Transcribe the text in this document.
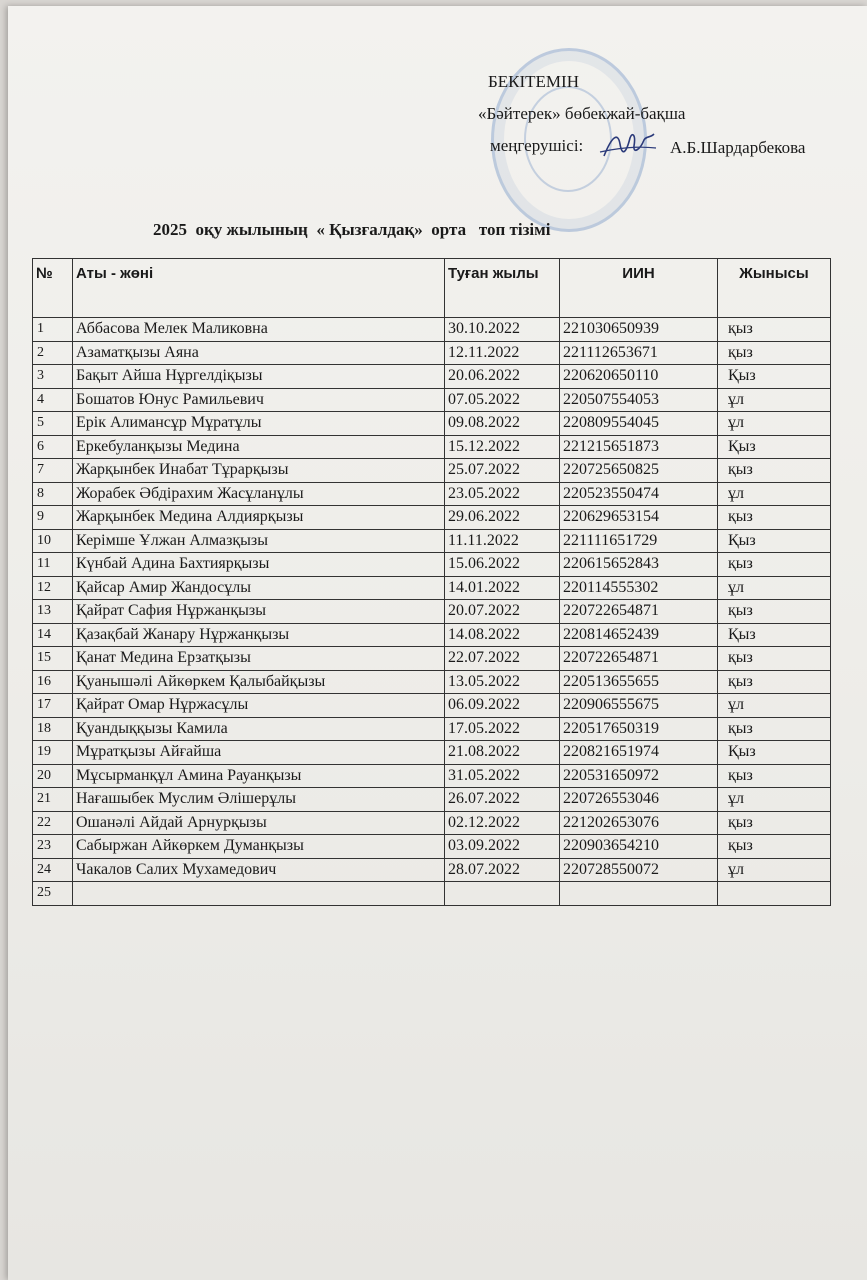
БЕКІТЕМІН
«Бәйтерек» бөбекжай-бақша
меңгерушісі:	А.Б.Шардарбекова
2025  оқу жылының  « Қызғалдақ»  орта   топ тізімі
№	Аты - жөні	Туған жылы	ИИН	Жынысы
1	Аббасова Мелек Маликовна	30.10.2022	221030650939	қыз
2	Азаматқызы Аяна	12.11.2022	221112653671	қыз
3	Бақыт Айша Нұргелдіқызы	20.06.2022	220620650110	Қыз
4	Бошатов Юнус Рамильевич	07.05.2022	220507554053	ұл
5	Ерік Алимансұр Мұратұлы	09.08.2022	220809554045	ұл
6	Еркебуланқызы Медина	15.12.2022	221215651873	Қыз
7	Жарқынбек Инабат Тұрарқызы	25.07.2022	220725650825	қыз
8	Жорабек Әбдірахим Жасұланұлы	23.05.2022	220523550474	ұл
9	Жарқынбек Медина Алдиярқызы	29.06.2022	220629653154	қыз
10	Керімше Ұлжан Алмазқызы	11.11.2022	221111651729	Қыз
11	Күнбай Адина Бахтиярқызы	15.06.2022	220615652843	қыз
12	Қайсар Амир Жандосұлы	14.01.2022	220114555302	ұл
13	Қайрат Сафия Нұржанқызы	20.07.2022	220722654871	қыз
14	Қазақбай Жанару Нұржанқызы	14.08.2022	220814652439	Қыз
15	Қанат Медина Ерзатқызы	22.07.2022	220722654871	қыз
16	Қуанышәлі Айкөркем Қалыбайқызы	13.05.2022	220513655655	қыз
17	Қайрат Омар Нұржасұлы	06.09.2022	220906555675	ұл
18	Қуандыққызы Камила	17.05.2022	220517650319	қыз
19	Мұратқызы Айғайша	21.08.2022	220821651974	Қыз
20	Мұсырманқұл Амина Рауанқызы	31.05.2022	220531650972	қыз
21	Нағашыбек Муслим Әлішерұлы	26.07.2022	220726553046	ұл
22	Ошанәлі Айдай Арнурқызы	02.12.2022	221202653076	қыз
23	Сабыржан Айкөркем Думанқызы	03.09.2022	220903654210	қыз
24	Чакалов Салих Мухамедович	28.07.2022	220728550072	ұл
25				
